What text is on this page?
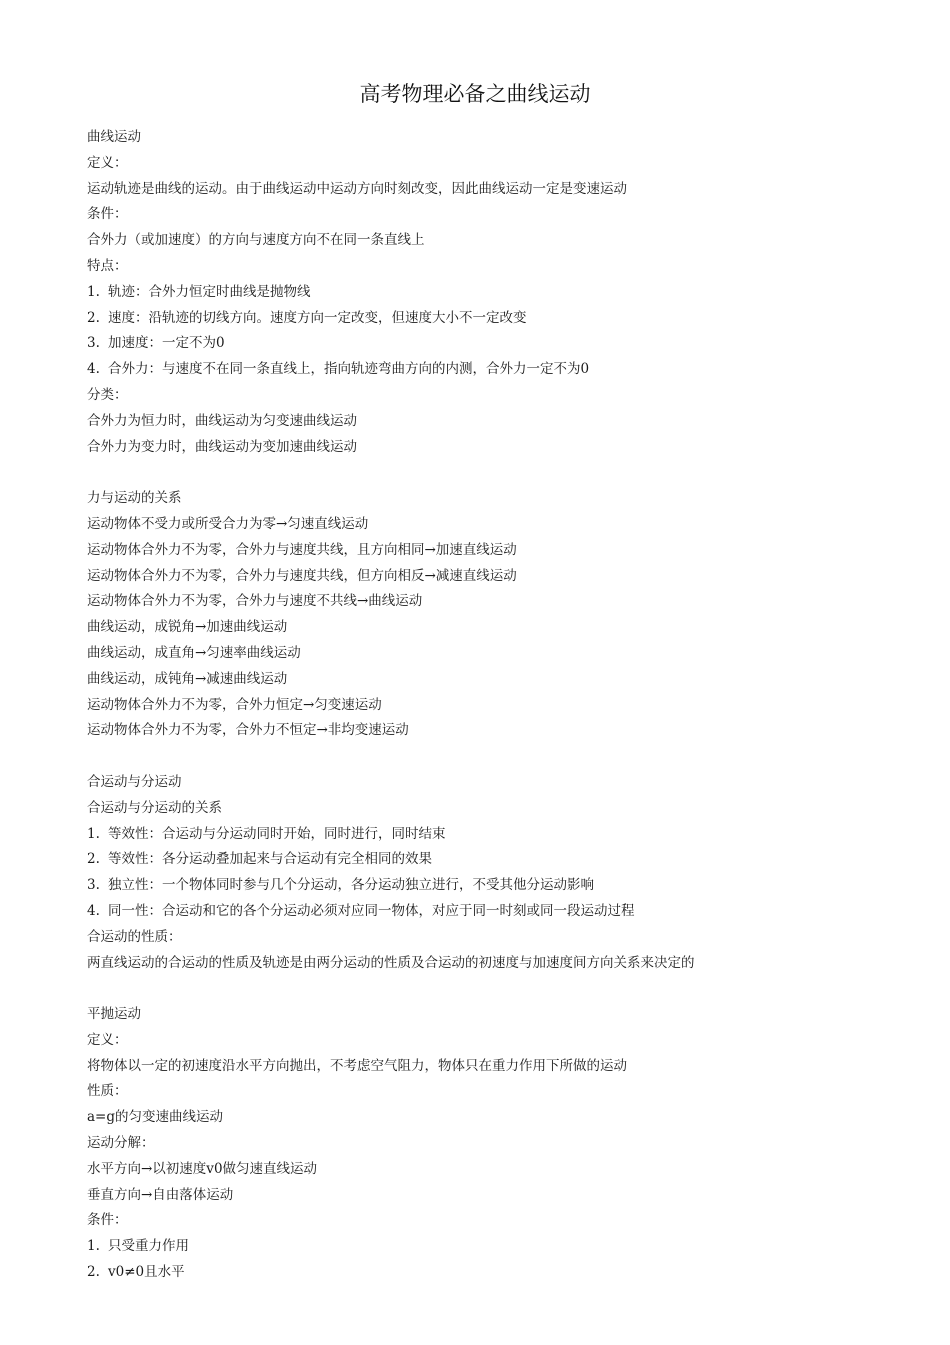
高考物理必备之曲线运动
曲线运动
定义：
运动轨迹是曲线的运动。由于曲线运动中运动方向时刻改变，因此曲线运动一定是变速运动
条件：
合外力（或加速度）的方向与速度方向不在同一条直线上
特点：
1. 轨迹：合外力恒定时曲线是抛物线
2. 速度：沿轨迹的切线方向。速度方向一定改变，但速度大小不一定改变
3. 加速度：一定不为0
4. 合外力：与速度不在同一条直线上，指向轨迹弯曲方向的内测，合外力一定不为0
分类：
合外力为恒力时，曲线运动为匀变速曲线运动
合外力为变力时，曲线运动为变加速曲线运动
力与运动的关系
运动物体不受力或所受合力为零→匀速直线运动
运动物体合外力不为零，合外力与速度共线，且方向相同→加速直线运动
运动物体合外力不为零，合外力与速度共线，但方向相反→减速直线运动
运动物体合外力不为零，合外力与速度不共线→曲线运动
曲线运动，成锐角→加速曲线运动
曲线运动，成直角→匀速率曲线运动
曲线运动，成钝角→减速曲线运动
运动物体合外力不为零，合外力恒定→匀变速运动
运动物体合外力不为零，合外力不恒定→非均变速运动
合运动与分运动
合运动与分运动的关系
1. 等效性：合运动与分运动同时开始，同时进行，同时结束
2. 等效性：各分运动叠加起来与合运动有完全相同的效果
3. 独立性：一个物体同时参与几个分运动，各分运动独立进行，不受其他分运动影响
4. 同一性：合运动和它的各个分运动必须对应同一物体，对应于同一时刻或同一段运动过程
合运动的性质：
两直线运动的合运动的性质及轨迹是由两分运动的性质及合运动的初速度与加速度间方向关系来决定的
平抛运动
定义：
将物体以一定的初速度沿水平方向抛出，不考虑空气阻力，物体只在重力作用下所做的运动
性质：
a=g的匀变速曲线运动
运动分解：
水平方向→以初速度v0做匀速直线运动
垂直方向→自由落体运动
条件：
1. 只受重力作用
2. v0≠0且水平
